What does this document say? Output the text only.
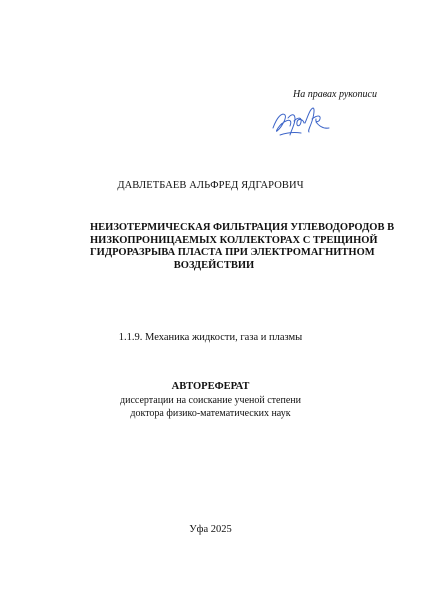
На правах рукописи
ДАВЛЕТБАЕВ АЛЬФРЕД ЯДГАРОВИЧ
НЕИЗОТЕРМИЧЕСКАЯ ФИЛЬТРАЦИЯ УГЛЕВОДОРОДОВ В
НИЗКОПРОНИЦАЕМЫХ КОЛЛЕКТОРАХ С ТРЕЩИНОЙ
ГИДРОРАЗРЫВА ПЛАСТА ПРИ ЭЛЕКТРОМАГНИТНОМ
ВОЗДЕЙСТВИИ
1.1.9. Механика жидкости, газа и плазмы
АВТОРЕФЕРАТ
диссертации на соискание ученой степени
доктора физико-математических наук
Уфа 2025
